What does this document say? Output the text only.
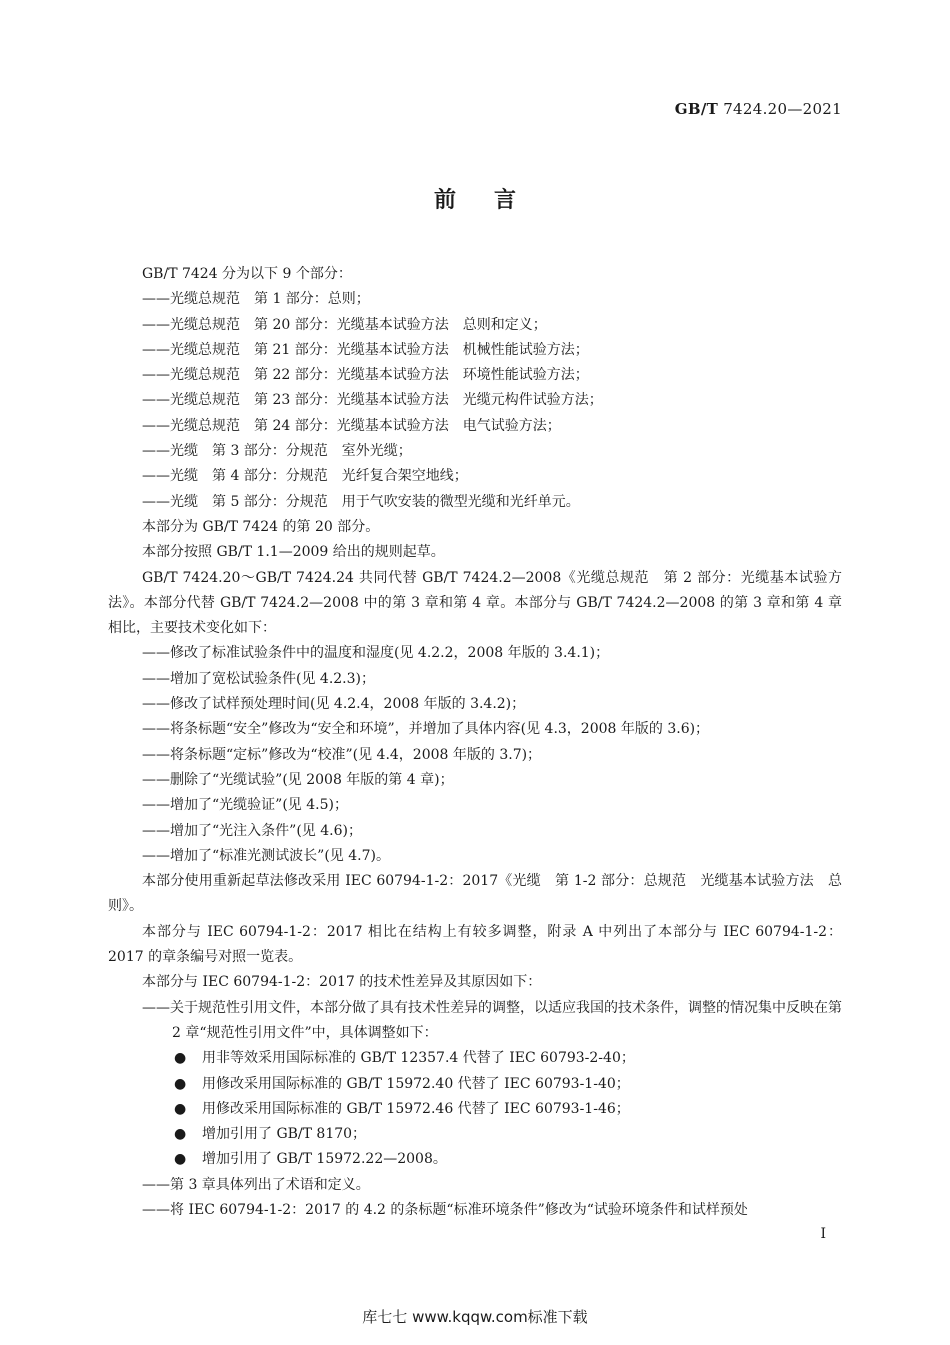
GB/T 7424.20—2021
前言
GB/T 7424 分为以下 9 个部分：
——光缆总规范　第 1 部分：总则；
——光缆总规范　第 20 部分：光缆基本试验方法　总则和定义；
——光缆总规范　第 21 部分：光缆基本试验方法　机械性能试验方法；
——光缆总规范　第 22 部分：光缆基本试验方法　环境性能试验方法；
——光缆总规范　第 23 部分：光缆基本试验方法　光缆元构件试验方法；
——光缆总规范　第 24 部分：光缆基本试验方法　电气试验方法；
——光缆　第 3 部分：分规范　室外光缆；
——光缆　第 4 部分：分规范　光纤复合架空地线；
——光缆　第 5 部分：分规范　用于气吹安装的微型光缆和光纤单元。
本部分为 GB/T 7424 的第 20 部分。
本部分按照 GB/T 1.1—2009 给出的规则起草。
GB/T 7424.20～GB/T 7424.24 共同代替 GB/T 7424.2—2008《光缆总规范　第 2 部分：光缆基本试验方法》。本部分代替 GB/T 7424.2—2008 中的第 3 章和第 4 章。本部分与 GB/T 7424.2—2008 的第 3 章和第 4 章相比，主要技术变化如下：
——修改了标准试验条件中的温度和湿度(见 4.2.2，2008 年版的 3.4.1)；
——增加了宽松试验条件(见 4.2.3)；
——修改了试样预处理时间(见 4.2.4，2008 年版的 3.4.2)；
——将条标题“安全”修改为“安全和环境”，并增加了具体内容(见 4.3，2008 年版的 3.6)；
——将条标题“定标”修改为“校准”(见 4.4，2008 年版的 3.7)；
——删除了“光缆试验”(见 2008 年版的第 4 章)；
——增加了“光缆验证”(见 4.5)；
——增加了“光注入条件”(见 4.6)；
——增加了“标准光测试波长”(见 4.7)。
本部分使用重新起草法修改采用 IEC 60794-1-2：2017《光缆　第 1-2 部分：总规范　光缆基本试验方法　总则》。
本部分与 IEC 60794-1-2：2017 相比在结构上有较多调整，附录 A 中列出了本部分与 IEC 60794-1-2：2017 的章条编号对照一览表。
本部分与 IEC 60794-1-2：2017 的技术性差异及其原因如下：
——关于规范性引用文件，本部分做了具有技术性差异的调整，以适应我国的技术条件，调整的情况集中反映在第 2 章“规范性引用文件”中，具体调整如下：
●	用非等效采用国际标准的 GB/T 12357.4 代替了 IEC 60793-2-40；
●	用修改采用国际标准的 GB/T 15972.40 代替了 IEC 60793-1-40；
●	用修改采用国际标准的 GB/T 15972.46 代替了 IEC 60793-1-46；
●	增加引用了 GB/T 8170；
●	增加引用了 GB/T 15972.22—2008。
——第 3 章具体列出了术语和定义。
——将 IEC 60794-1-2：2017 的 4.2 的条标题“标准环境条件”修改为“试验环境条件和试样预处
I
库七七 www.kqqw.com标准下载
